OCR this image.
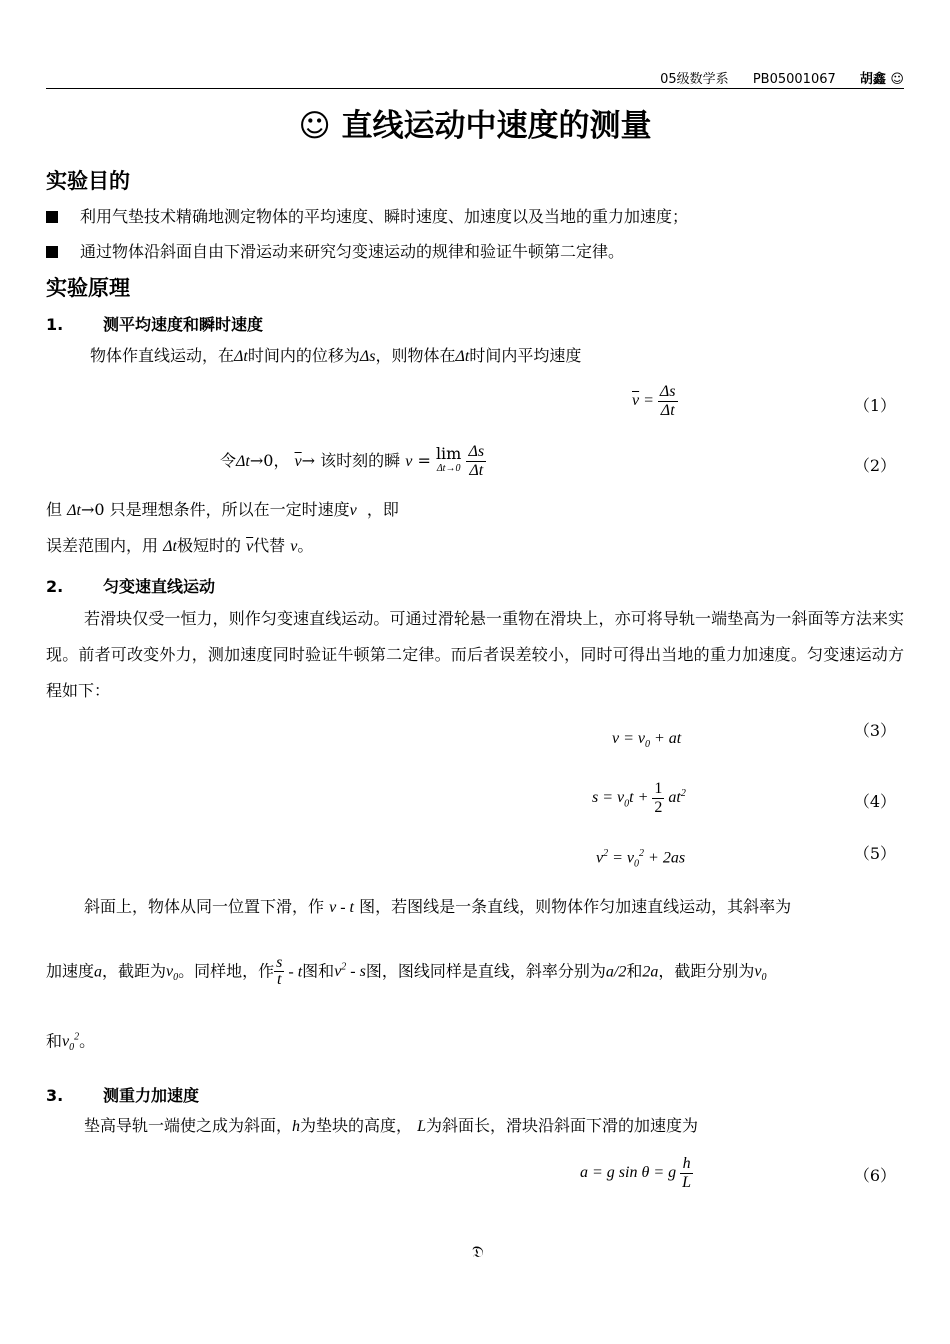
05级数学系 PB05001067 胡鑫 ☺
☺ 直线运动中速度的测量
实验目的
利用气垫技术精确地测定物体的平均速度、瞬时速度、加速度以及当地的重力加速度；
通过物体沿斜面自由下滑运动来研究匀变速运动的规律和验证牛顿第二定律。
实验原理
1. 测平均速度和瞬时速度
物体作直线运动，在Δt时间内的位移为Δs，则物体在Δt时间内平均速度
$\overline{v} = \frac{\Delta s}{\Delta t}$	（1）
令Δt→0， $\overline{v}\to$ 该时刻的瞬 v = lim
$\Delta t\to 0 \frac{\Delta s}{\Delta t}$	（2）
但 Δt→0 只是理想条件，所以在一定时速度v ，即
误差范围内，用 Δt极短时的 $\overline{v}$代替 v。
2. 匀变速直线运动
若滑块仅受一恒力，则作匀变速直线运动。可通过滑轮悬一重物在滑块上，亦可将导轨一端垫高为一斜面等方法来实现。前者可改变外力，测加速度同时验证牛顿第二定律。而后者误差较小，同时可得出当地的重力加速度。匀变速运动方程如下：
$v = v_0$ + at	（3）
$s = v_0t + \frac{1}{2} at^2$	（4）
$v^2 = v_0^2 + 2as$	（5）
斜面上，物体从同一位置下滑，作 v - t 图，若图线是一条直线，则物体作匀加速直线运动，其斜率为
加速度a，截距为$v_0$。同样地，作 $\frac{s}{t}$ - t图和$v^2$ - s图，图线同样是直线，斜率分别为a/2和2a，截距分别为$v_0$
和$v_0^2$。
3. 测重力加速度
垫高导轨一端使之成为斜面，h为垫块的高度， L为斜面长，滑块沿斜面下滑的加速度为
a = g sin θ = g $\frac{h}{L}$	（6）
𝔇
